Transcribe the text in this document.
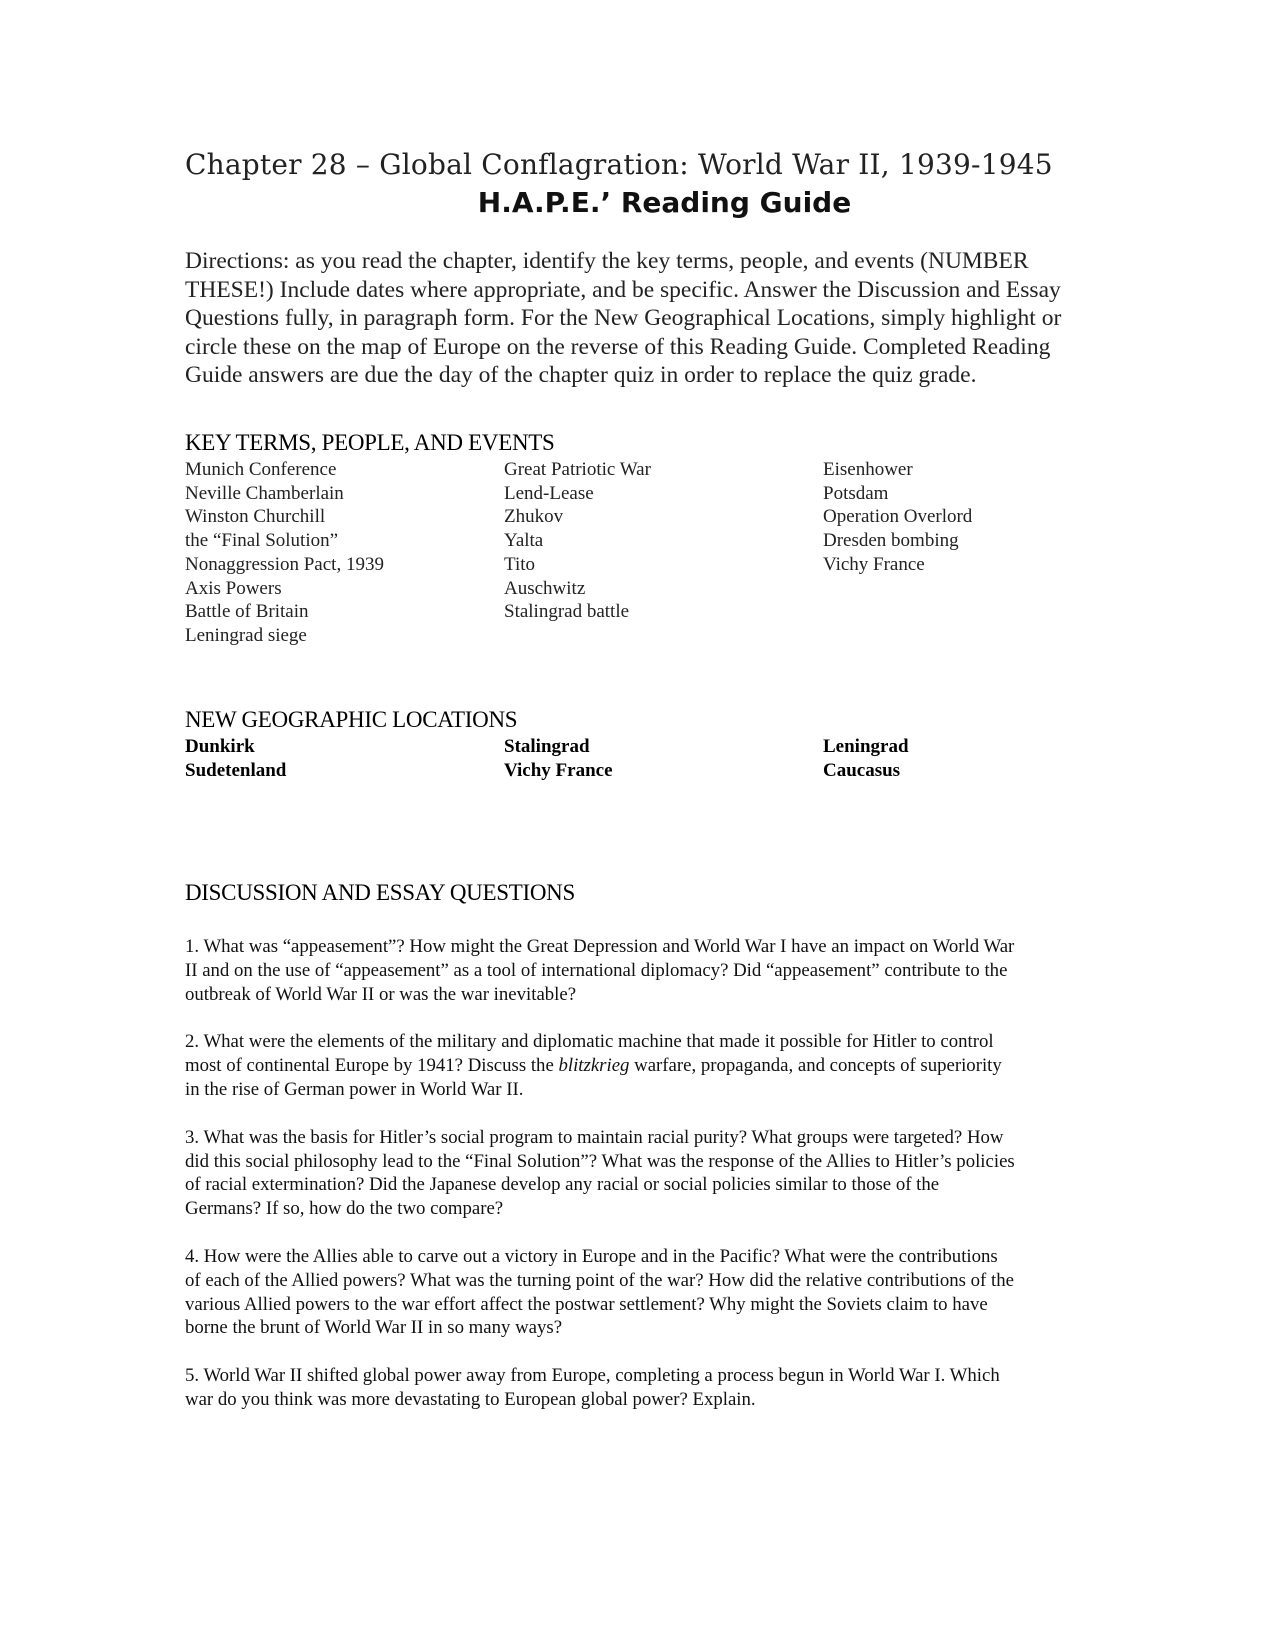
Chapter 28 – Global Conflagration: World War II, 1939-1945
H.A.P.E.’ Reading Guide
Directions: as you read the chapter, identify the key terms, people, and events (NUMBER THESE!) Include dates where appropriate, and be specific. Answer the Discussion and Essay Questions fully, in paragraph form. For the New Geographical Locations, simply highlight or circle these on the map of Europe on the reverse of this Reading Guide. Completed Reading Guide answers are due the day of the chapter quiz in order to replace the quiz grade.
KEY TERMS, PEOPLE, AND EVENTS
Munich Conference
Neville Chamberlain
Winston Churchill
the “Final Solution”
Nonaggression Pact, 1939
Axis Powers
Battle of Britain
Leningrad siege
Great Patriotic War
Lend-Lease
Zhukov
Yalta
Tito
Auschwitz
Stalingrad battle
Eisenhower
Potsdam
Operation Overlord
Dresden bombing
Vichy France
NEW GEOGRAPHIC LOCATIONS
Dunkirk
Sudetenland
Stalingrad
Vichy France
Leningrad
Caucasus
DISCUSSION AND ESSAY QUESTIONS

1. What was “appeasement”? How might the Great Depression and World War I have an impact on World War II and on the use of “appeasement” as a tool of international diplomacy? Did “appeasement” contribute to the outbreak of World War II or was the war inevitable?

2. What were the elements of the military and diplomatic machine that made it possible for Hitler to control most of continental Europe by 1941? Discuss the blitzkrieg warfare, propaganda, and concepts of superiority in the rise of German power in World War II.

3. What was the basis for Hitler’s social program to maintain racial purity? What groups were targeted? How did this social philosophy lead to the “Final Solution”? What was the response of the Allies to Hitler’s policies of racial extermination? Did the Japanese develop any racial or social policies similar to those of the Germans? If so, how do the two compare?

4. How were the Allies able to carve out a victory in Europe and in the Pacific? What were the contributions of each of the Allied powers? What was the turning point of the war? How did the relative contributions of the various Allied powers to the war effort affect the postwar settlement? Why might the Soviets claim to have borne the brunt of World War II in so many ways?

5. World War II shifted global power away from Europe, completing a process begun in World War I. Which war do you think was more devastating to European global power? Explain.
